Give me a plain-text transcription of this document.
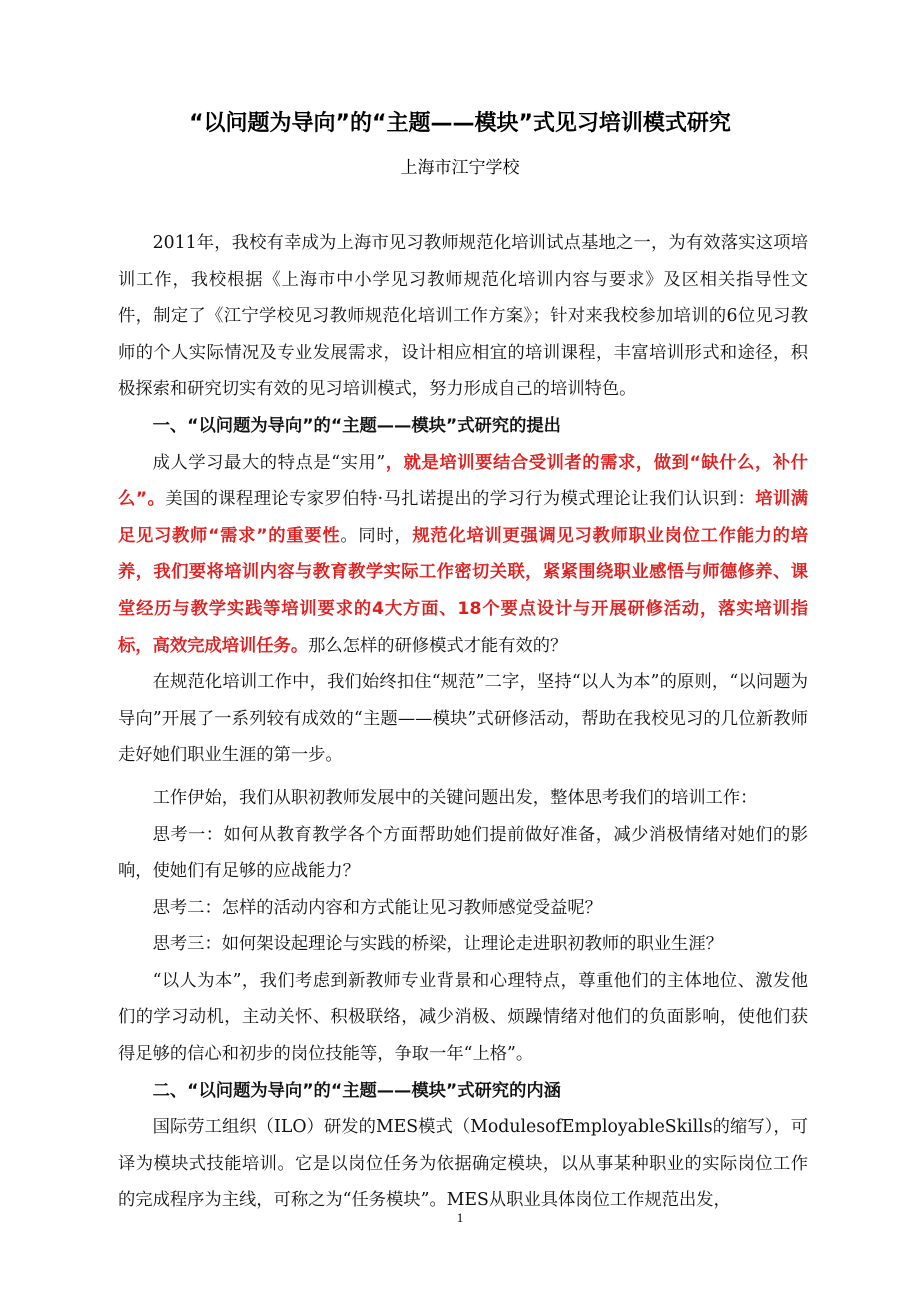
“以问题为导向”的“主题——模块”式见习培训模式研究
上海市江宁学校

2011年，我校有幸成为上海市见习教师规范化培训试点基地之一，为有效落实这项培训工作，我校根据《上海市中小学见习教师规范化培训内容与要求》及区相关指导性文件，制定了《江宁学校见习教师规范化培训工作方案》；针对来我校参加培训的6位见习教师的个人实际情况及专业发展需求，设计相应相宜的培训课程，丰富培训形式和途径，积极探索和研究切实有效的见习培训模式，努力形成自己的培训特色。

一、“以问题为导向”的“主题——模块”式研究的提出

成人学习最大的特点是“实用”，就是培训要结合受训者的需求，做到“缺什么，补什么”。美国的课程理论专家罗伯特·马扎诺提出的学习行为模式理论让我们认识到：培训满足见习教师“需求”的重要性。同时，规范化培训更强调见习教师职业岗位工作能力的培养，我们要将培训内容与教育教学实际工作密切关联，紧紧围绕职业感悟与师德修养、课堂经历与教学实践等培训要求的4大方面、18个要点设计与开展研修活动，落实培训指标，高效完成培训任务。那么怎样的研修模式才能有效的？

在规范化培训工作中，我们始终扣住“规范”二字，坚持“以人为本”的原则，“以问题为导向”开展了一系列较有成效的“主题——模块”式研修活动，帮助在我校见习的几位新教师走好她们职业生涯的第一步。

工作伊始，我们从职初教师发展中的关键问题出发，整体思考我们的培训工作：

思考一：如何从教育教学各个方面帮助她们提前做好准备，减少消极情绪对她们的影响，使她们有足够的应战能力？

思考二：怎样的活动内容和方式能让见习教师感觉受益呢？

思考三：如何架设起理论与实践的桥梁，让理论走进职初教师的职业生涯？

“以人为本”，我们考虑到新教师专业背景和心理特点，尊重他们的主体地位、激发他们的学习动机，主动关怀、积极联络，减少消极、烦躁情绪对他们的负面影响，使他们获得足够的信心和初步的岗位技能等，争取一年“上格”。

二、“以问题为导向”的“主题——模块”式研究的内涵

国际劳工组织（ILO）研发的MES模式（ModulesofEmployableSkills的缩写），可译为模块式技能培训。它是以岗位任务为依据确定模块，以从事某种职业的实际岗位工作的完成程序为主线，可称之为“任务模块”。MES从职业具体岗位工作规范出发，

1
